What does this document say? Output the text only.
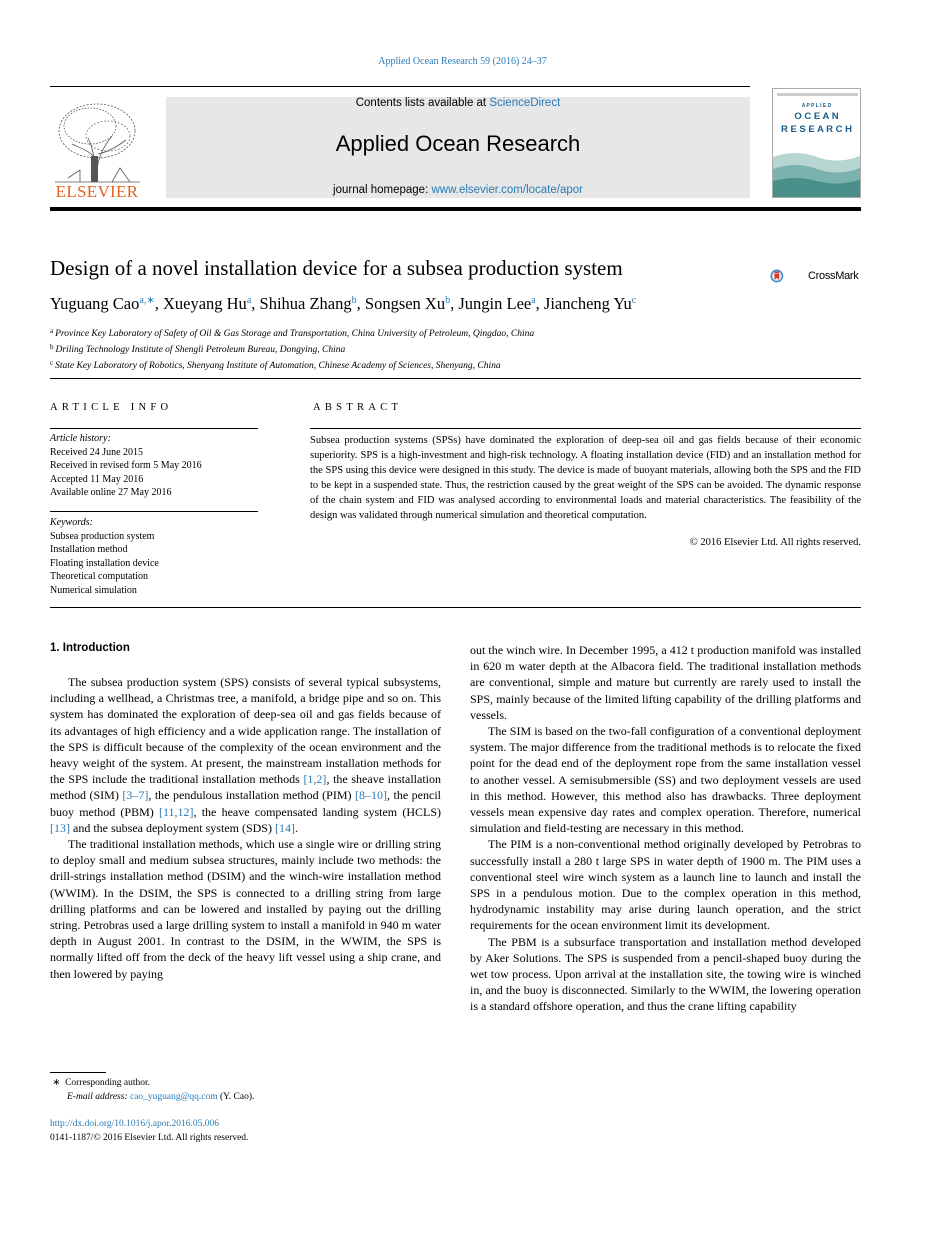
Applied Ocean Research 59 (2016) 24–37
ELSEVIER
Contents lists available at ScienceDirect
Applied Ocean Research
journal homepage: www.elsevier.com/locate/apor
A P P L I E D
O C E A N
R E S E A R C H
Design of a novel installation device for a subsea production system	CrossMark
Yuguang Cao$^{a,∗}$, Xueyang Hu$^a$, Shihua Zhang$^b$, Songsen Xu$^b$, Jungin Lee$^a$, Jiancheng Yu$^c$
$^a$ Province Key Laboratory of Safety of Oil & Gas Storage and Transportation, China University of Petroleum, Qingdao, China
$^b$ Driling Technology Institute of Shengli Petroleum Bureau, Dongying, China
$^c$ State Key Laboratory of Robotics, Shenyang Institute of Automation, Chinese Academy of Sciences, Shenyang, China
ARTICLE INFO
Article history:
Received 24 June 2015
Received in revised form 5 May 2016
Accepted 11 May 2016
Available online 27 May 2016
Keywords:
Subsea production system
Installation method
Floating installation device
Theoretical computation
Numerical simulation
ABSTRACT
Subsea production systems (SPSs) have dominated the exploration of deep-sea oil and gas fields because of their economic superiority. SPS is a high-investment and high-risk technology. A floating installation device (FID) and an installation method for the SPS using this device were designed in this study. The device is made of buoyant materials, allowing both the SPS and the FID to be kept in a suspended state. Thus, the restriction caused by the great weight of the SPS can be avoided. The dynamic response of the chain system and FID was analysed according to environmental loads and material characteristics. The feasibility of the design was validated through numerical simulation and theoretical computation.
© 2016 Elsevier Ltd. All rights reserved.
1. Introduction

The subsea production system (SPS) consists of several typical subsystems, including a wellhead, a Christmas tree, a manifold, a bridge pipe and so on. This system has dominated the exploration of deep-sea oil and gas fields because of its advantages of high efficiency and a wide application range. The installation of the SPS is difficult because of the complexity of the ocean environment and the heavy weight of the system. At present, the mainstream installation methods for the SPS include the traditional installation methods [1,2], the sheave installation method (SIM) [3–7], the pendulous installation method (PIM) [8–10], the pencil buoy method (PBM) [11,12], the heave compensated landing system (HCLS) [13] and the subsea deployment system (SDS) [14].

The traditional installation methods, which use a single wire or drilling string to deploy small and medium subsea structures, mainly include two methods: the drill-strings installation method (DSIM) and the winch-wire installation method (WWIM). In the DSIM, the SPS is connected to a drilling string from large drilling platforms and can be lowered and installed by paying out the drilling string. Petrobras used a large drilling system to install a manifold in 940 m water depth in August 2001. In contrast to the DSIM, in the WWIM, the SPS is normally lifted off from the deck of the heavy lift vessel using a ship crane, and then lowered by paying

out the winch wire. In December 1995, a 412 t production manifold was installed in 620 m water depth at the Albacora field. The traditional installation methods are conventional, simple and mature but currently are rarely used to install the SPS, mainly because of the limited lifting capability of the drilling platforms and vessels.

The SIM is based on the two-fall configuration of a conventional deployment system. The major difference from the traditional methods is to relocate the fixed point for the dead end of the deployment rope from the same installation vessel to another vessel. A semisubmersible (SS) and two deployment vessels are used in this method. However, this method also has drawbacks. Three deployment vessels mean expensive day rates and complex operation. Therefore, numerical simulation and field-testing are necessary in this method.

The PIM is a non-conventional method originally developed by Petrobras to successfully install a 280 t large SPS in water depth of 1900 m. The PIM uses a conventional steel wire winch system as a launch line to launch and install the SPS in a pendulous motion. Due to the complex operation in this method, hydrodynamic instability may arise during launch operation, and the strict requirements for the ocean environment limit its development.

The PBM is a subsurface transportation and installation method developed by Aker Solutions. The SPS is suspended from a pencil-shaped buoy during the wet tow process. Upon arrival at the installation site, the towing wire is winched in, and the buoy is disconnected. Similarly to the WWIM, the lowering operation is a standard offshore operation, and thus the crane lifting capability

∗ Corresponding author.
E-mail address: cao_yuguang@qq.com (Y. Cao).
http://dx.doi.org/10.1016/j.apor.2016.05.006
0141-1187/© 2016 Elsevier Ltd. All rights reserved.
